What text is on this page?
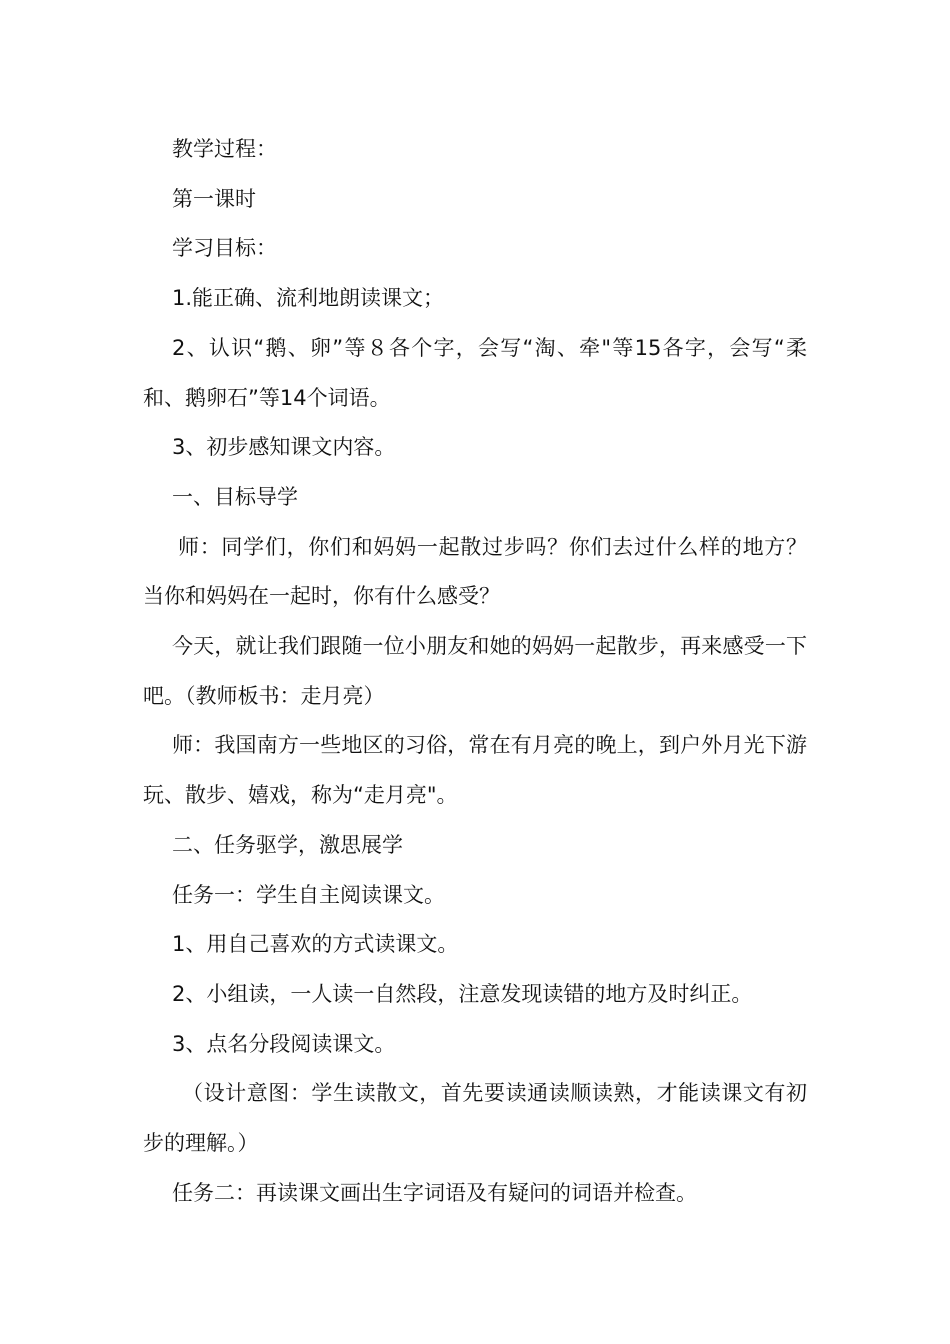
教学过程：

第一课时

学习目标：

1.能正确、流利地朗读课文；

2、认识“鹅、卵”等８各个字，会写“淘、牵"等15各字，会写“柔和、鹅卵石”等14个词语。

3、初步感知课文内容。

一、目标导学

师：同学们，你们和妈妈一起散过步吗？你们去过什么样的地方？当你和妈妈在一起时，你有什么感受？

今天，就让我们跟随一位小朋友和她的妈妈一起散步，再来感受一下吧。（教师板书：走月亮）

师：我国南方一些地区的习俗，常在有月亮的晚上，到户外月光下游玩、散步、嬉戏，称为“走月亮"。

二、任务驱学，激思展学

任务一：学生自主阅读课文。

1、用自己喜欢的方式读课文。

2、小组读，一人读一自然段，注意发现读错的地方及时纠正。

3、点名分段阅读课文。

（设计意图：学生读散文，首先要读通读顺读熟，才能读课文有初步的理解。）

任务二：再读课文画出生字词语及有疑问的词语并检查。
